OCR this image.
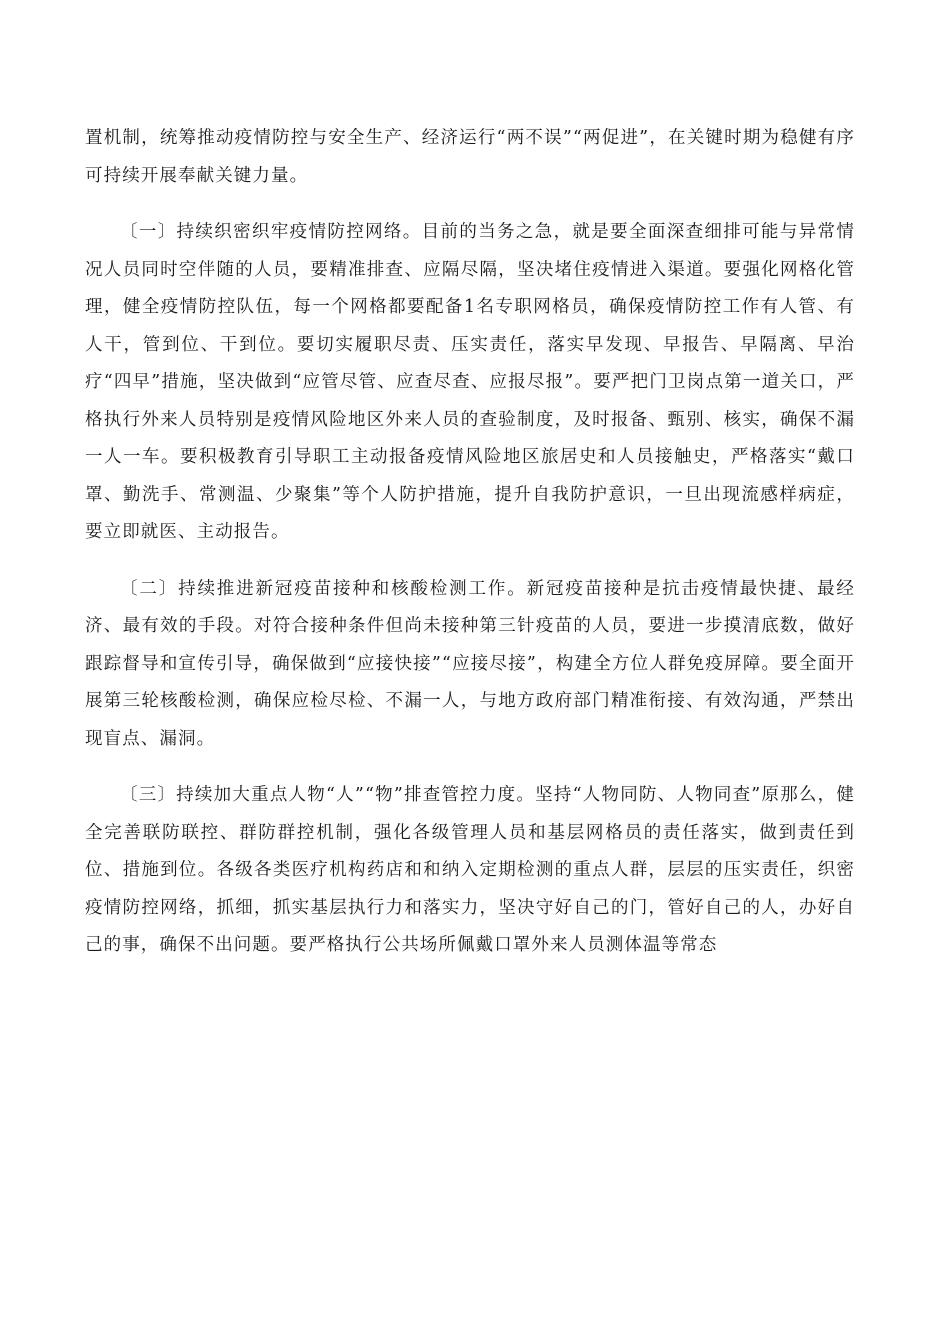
置机制，统筹推动疫情防控与安全生产、经济运行“两不误”“两促进”，在关键时期为稳健有序可持续开展奉献关键力量。

〔一〕持续织密织牢疫情防控网络。目前的当务之急，就是要全面深查细排可能与异常情况人员同时空伴随的人员，要精准排查、应隔尽隔，坚决堵住疫情进入渠道。要强化网格化管理，健全疫情防控队伍，每一个网格都要配备1名专职网格员，确保疫情防控工作有人管、有人干，管到位、干到位。要切实履职尽责、压实责任，落实早发现、早报告、早隔离、早治疗“四早”措施，坚决做到“应管尽管、应查尽查、应报尽报”。要严把门卫岗点第一道关口，严格执行外来人员特别是疫情风险地区外来人员的查验制度，及时报备、甄别、核实，确保不漏一人一车。要积极教育引导职工主动报备疫情风险地区旅居史和人员接触史，严格落实“戴口罩、勤洗手、常测温、少聚集”等个人防护措施，提升自我防护意识，一旦出现流感样病症，要立即就医、主动报告。

〔二〕持续推进新冠疫苗接种和核酸检测工作。新冠疫苗接种是抗击疫情最快捷、最经济、最有效的手段。对符合接种条件但尚未接种第三针疫苗的人员，要进一步摸清底数，做好跟踪督导和宣传引导，确保做到“应接快接”“应接尽接”，构建全方位人群免疫屏障。要全面开展第三轮核酸检测，确保应检尽检、不漏一人，与地方政府部门精准衔接、有效沟通，严禁出现盲点、漏洞。

〔三〕持续加大重点人物“人”“物”排查管控力度。坚持“人物同防、人物同查”原那么，健全完善联防联控、群防群控机制，强化各级管理人员和基层网格员的责任落实，做到责任到位、措施到位。各级各类医疗机构药店和和纳入定期检测的重点人群，层层的压实责任，织密疫情防控网络，抓细，抓实基层执行力和落实力，坚决守好自己的门，管好自己的人，办好自己的事，确保不出问题。要严格执行公共场所佩戴口罩外来人员测体温等常态
